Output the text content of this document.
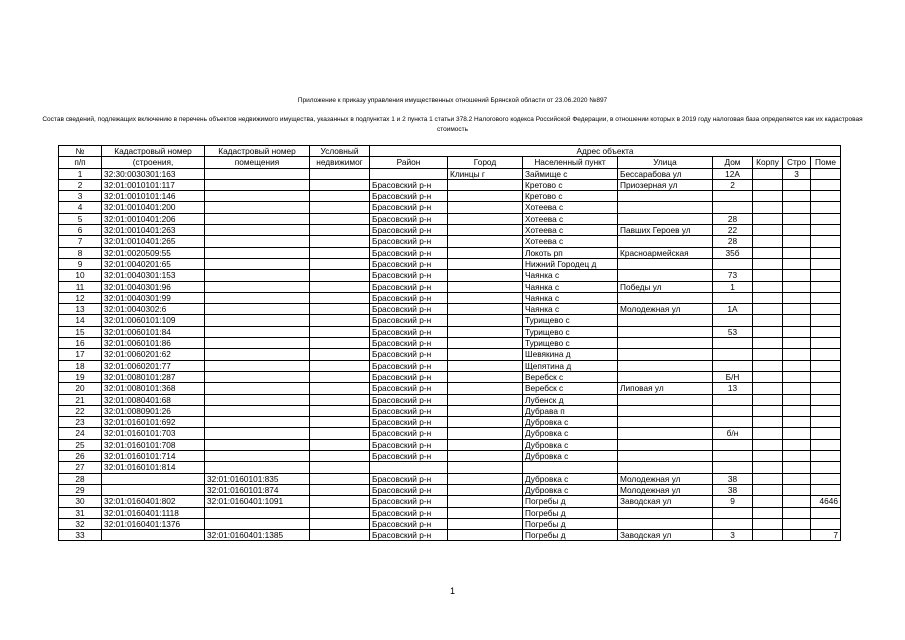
Приложение к приказу управления имущественных отношений Брянской области от 23.06.2020 №897
Состав сведений, подлежащих включению в перечень объектов недвижимого имущества, указанных в подпунктах 1 и 2 пункта 1 статьи 378.2 Налогового кодекса Российской Федерации, в отношении которых в 2019 году налоговая база определяется как их кадастровая стоимость
№	Кадастровый номер	Кадастровый номер	Условный	Адрес объекта							
п/п	(строения,	помещения	недвижимог	Район	Город	Населенный пункт	Улица	Дом	Корпу	Стро	Поме
1	32:30:0030301:163				Клинцы г	Займище с	Бессарабова ул	12А		3	
2	32:01:0010101:117			Брасовский р-н		Кретово с	Приозерная ул	2			
3	32:01:0010101:146			Брасовский р-н		Кретово с					
4	32:01:0010401:200			Брасовский р-н		Хотеева с					
5	32:01:0010401:206			Брасовский р-н		Хотеева с		28			
6	32:01:0010401:263			Брасовский р-н		Хотеева с	Павших Героев ул	22			
7	32:01:0010401:265			Брасовский р-н		Хотеева с		28			
8	32:01:0020509:55			Брасовский р-н		Локоть рп	Красноармейская	35б			
9	32:01:0040201:65			Брасовский р-н		Нижний Городец д					
10	32:01:0040301:153			Брасовский р-н		Чаянка с		73			
11	32:01:0040301:96			Брасовский р-н		Чаянка с	Победы ул	1			
12	32:01:0040301:99			Брасовский р-н		Чаянка с					
13	32:01:0040302:6			Брасовский р-н		Чаянка с	Молодежная ул	1А			
14	32:01:0060101:109			Брасовский р-н		Турищево с					
15	32:01:0060101:84			Брасовский р-н		Турищево с		53			
16	32:01:0060101:86			Брасовский р-н		Турищево с					
17	32:01:0060201:62			Брасовский р-н		Шевякина д					
18	32:01:0060201:77			Брасовский р-н		Щепятина д					
19	32:01:0080101:287			Брасовский р-н		Веребск с		Б/Н			
20	32:01:0080101:368			Брасовский р-н		Веребск с	Липовая ул	13			
21	32:01:0080401:68			Брасовский р-н		Лубенск д					
22	32:01:0080901:26			Брасовский р-н		Дубрава п					
23	32:01:0160101:692			Брасовский р-н		Дубровка с					
24	32:01:0160101:703			Брасовский р-н		Дубровка с		б/н			
25	32:01:0160101:708			Брасовский р-н		Дубровка с					
26	32:01:0160101:714			Брасовский р-н		Дубровка с					
27	32:01:0160101:814										
28		32:01:0160101:835		Брасовский р-н		Дубровка с	Молодежная ул	38			
29		32:01:0160101:874		Брасовский р-н		Дубровка с	Молодежная ул	38			
30	32:01:0160401:802	32:01:0160401:1091		Брасовский р-н		Погребы д	Заводская ул	9			4646
31	32:01:0160401:1118			Брасовский р-н		Погребы д					
32	32:01:0160401:1376			Брасовский р-н		Погребы д					
33		32:01:0160401:1385		Брасовский р-н		Погребы д	Заводская ул	3			7
1
